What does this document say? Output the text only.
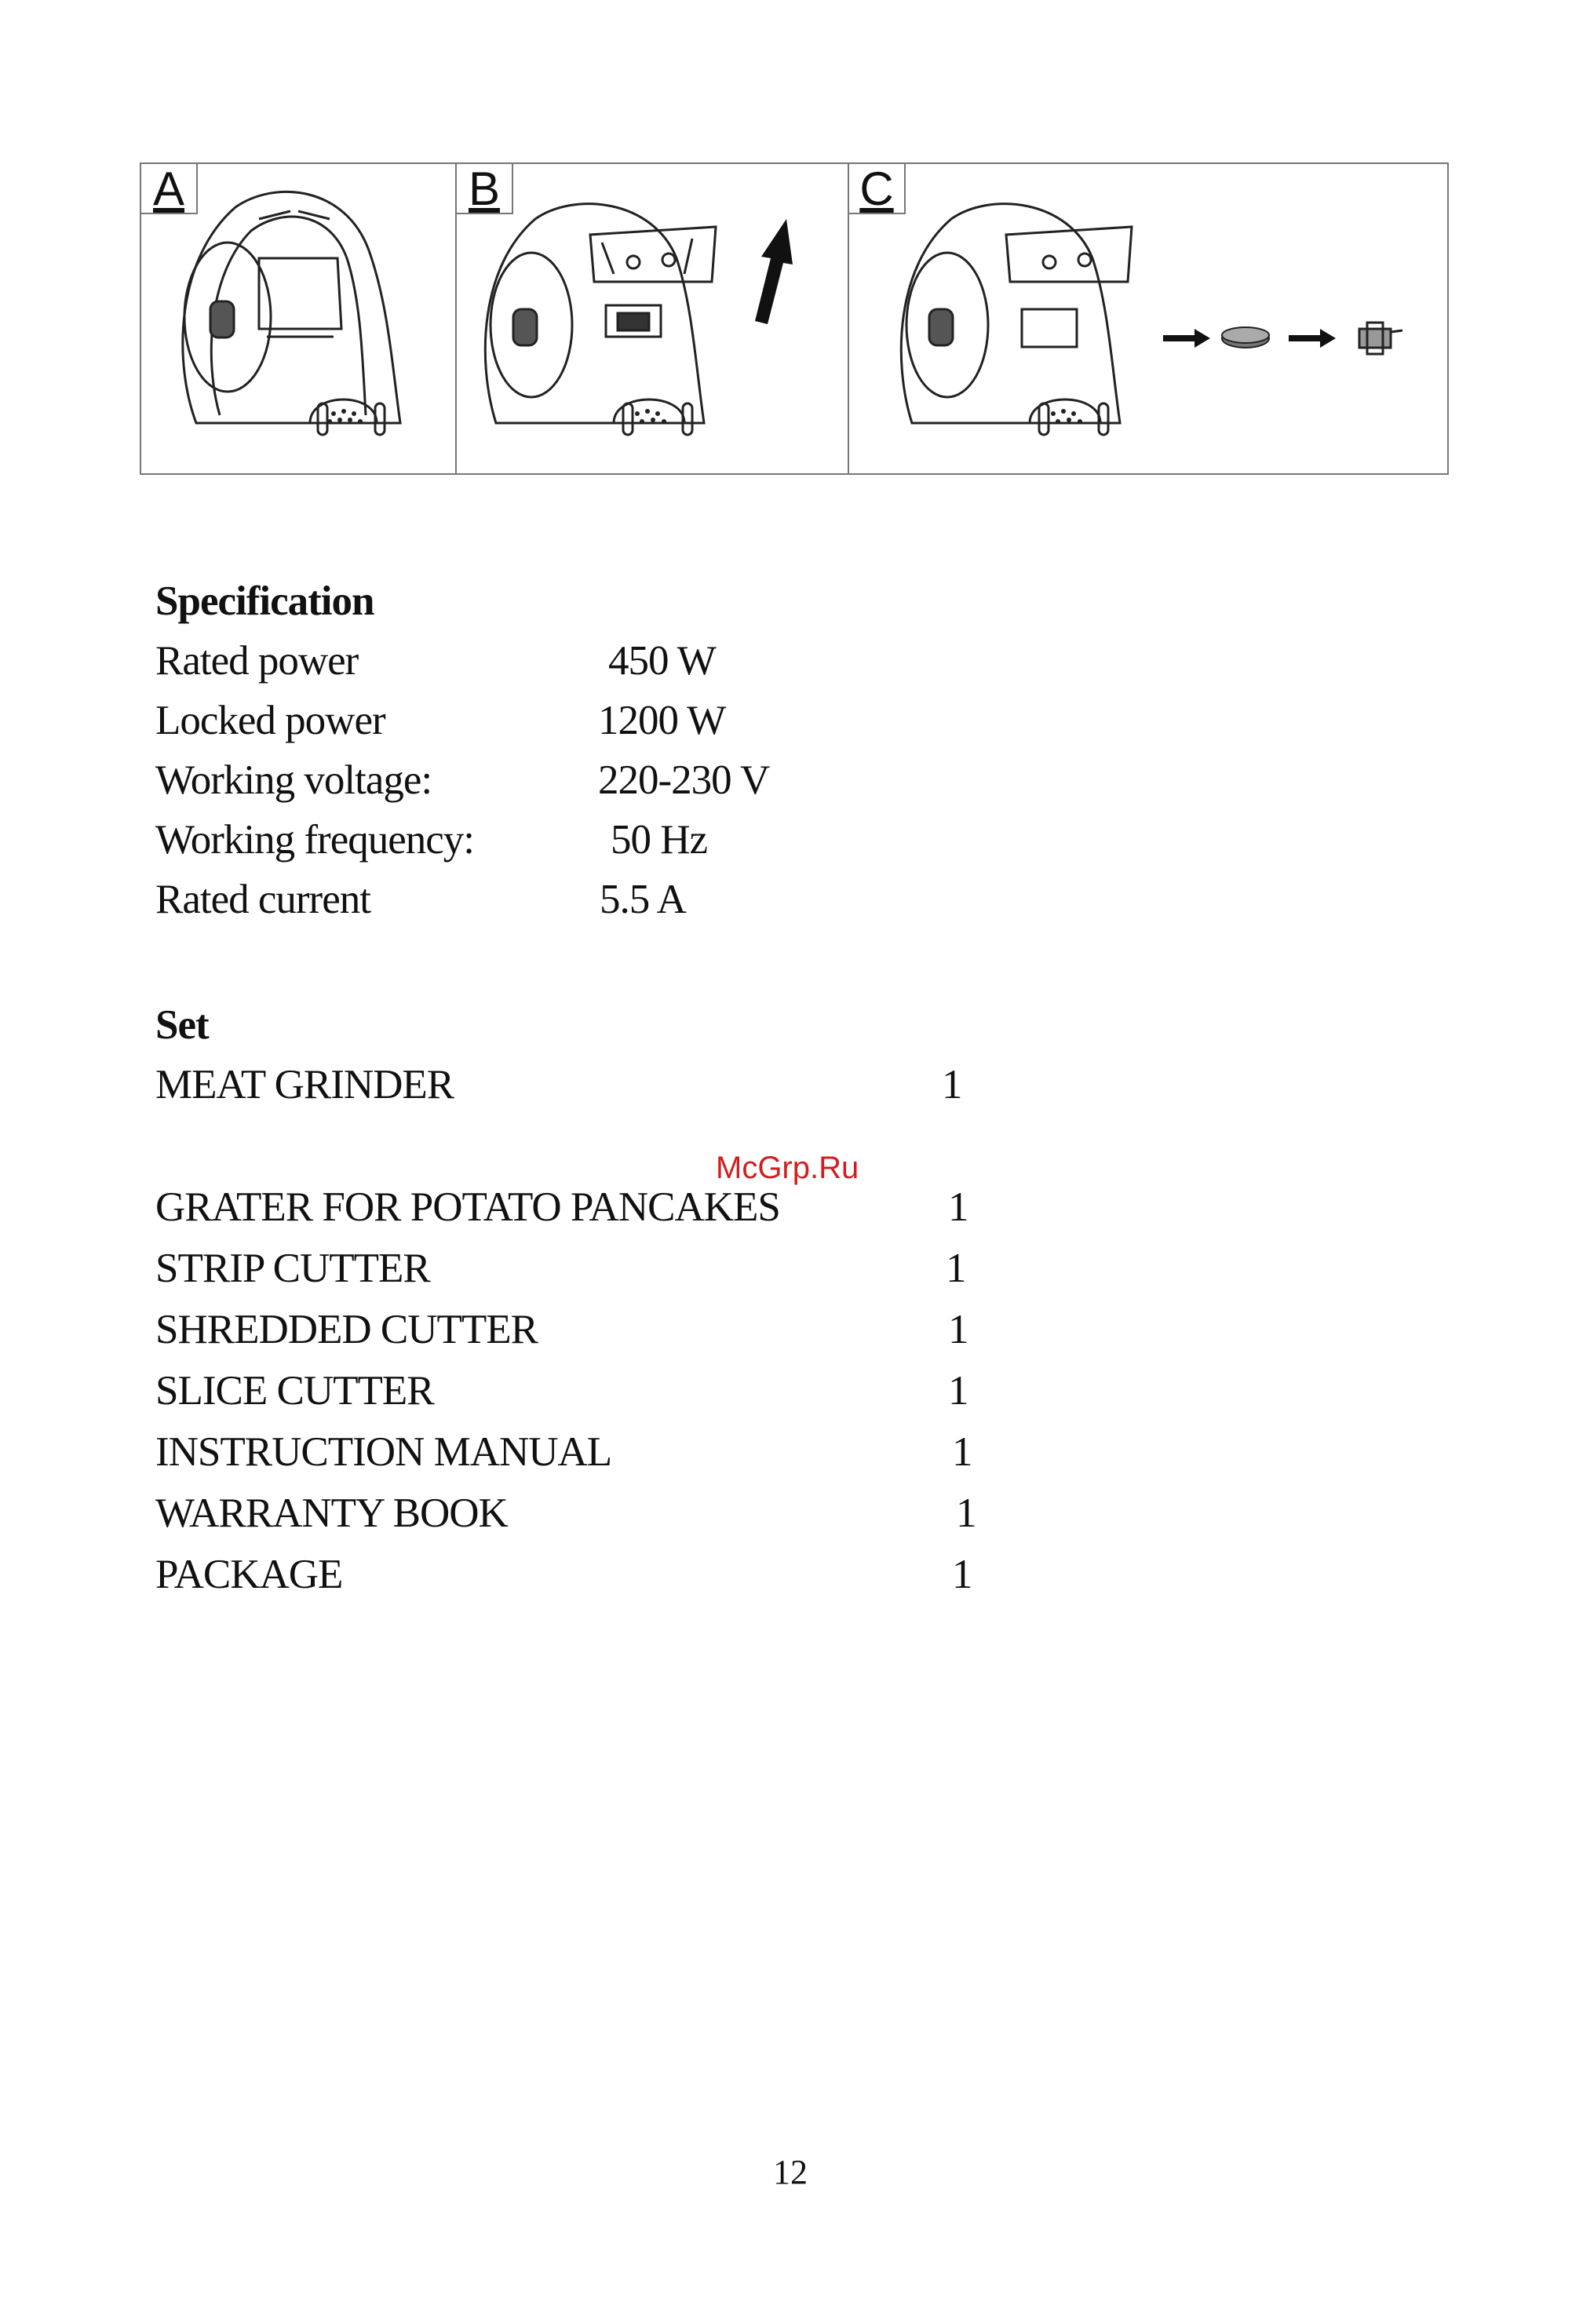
A	B	C
Specification
Rated power	450 W
Locked power	1200 W
Working voltage:	220-230 V
Working frequency:	50 Hz
Rated current	5.5 A
Set
MEAT GRINDER	1
McGrp.Ru
GRATER FOR POTATO PANCAKES	1
STRIP CUTTER	1
SHREDDED CUTTER	1
SLICE CUTTER	1
INSTRUCTION MANUAL	1
WARRANTY BOOK	1
PACKAGE	1
12
